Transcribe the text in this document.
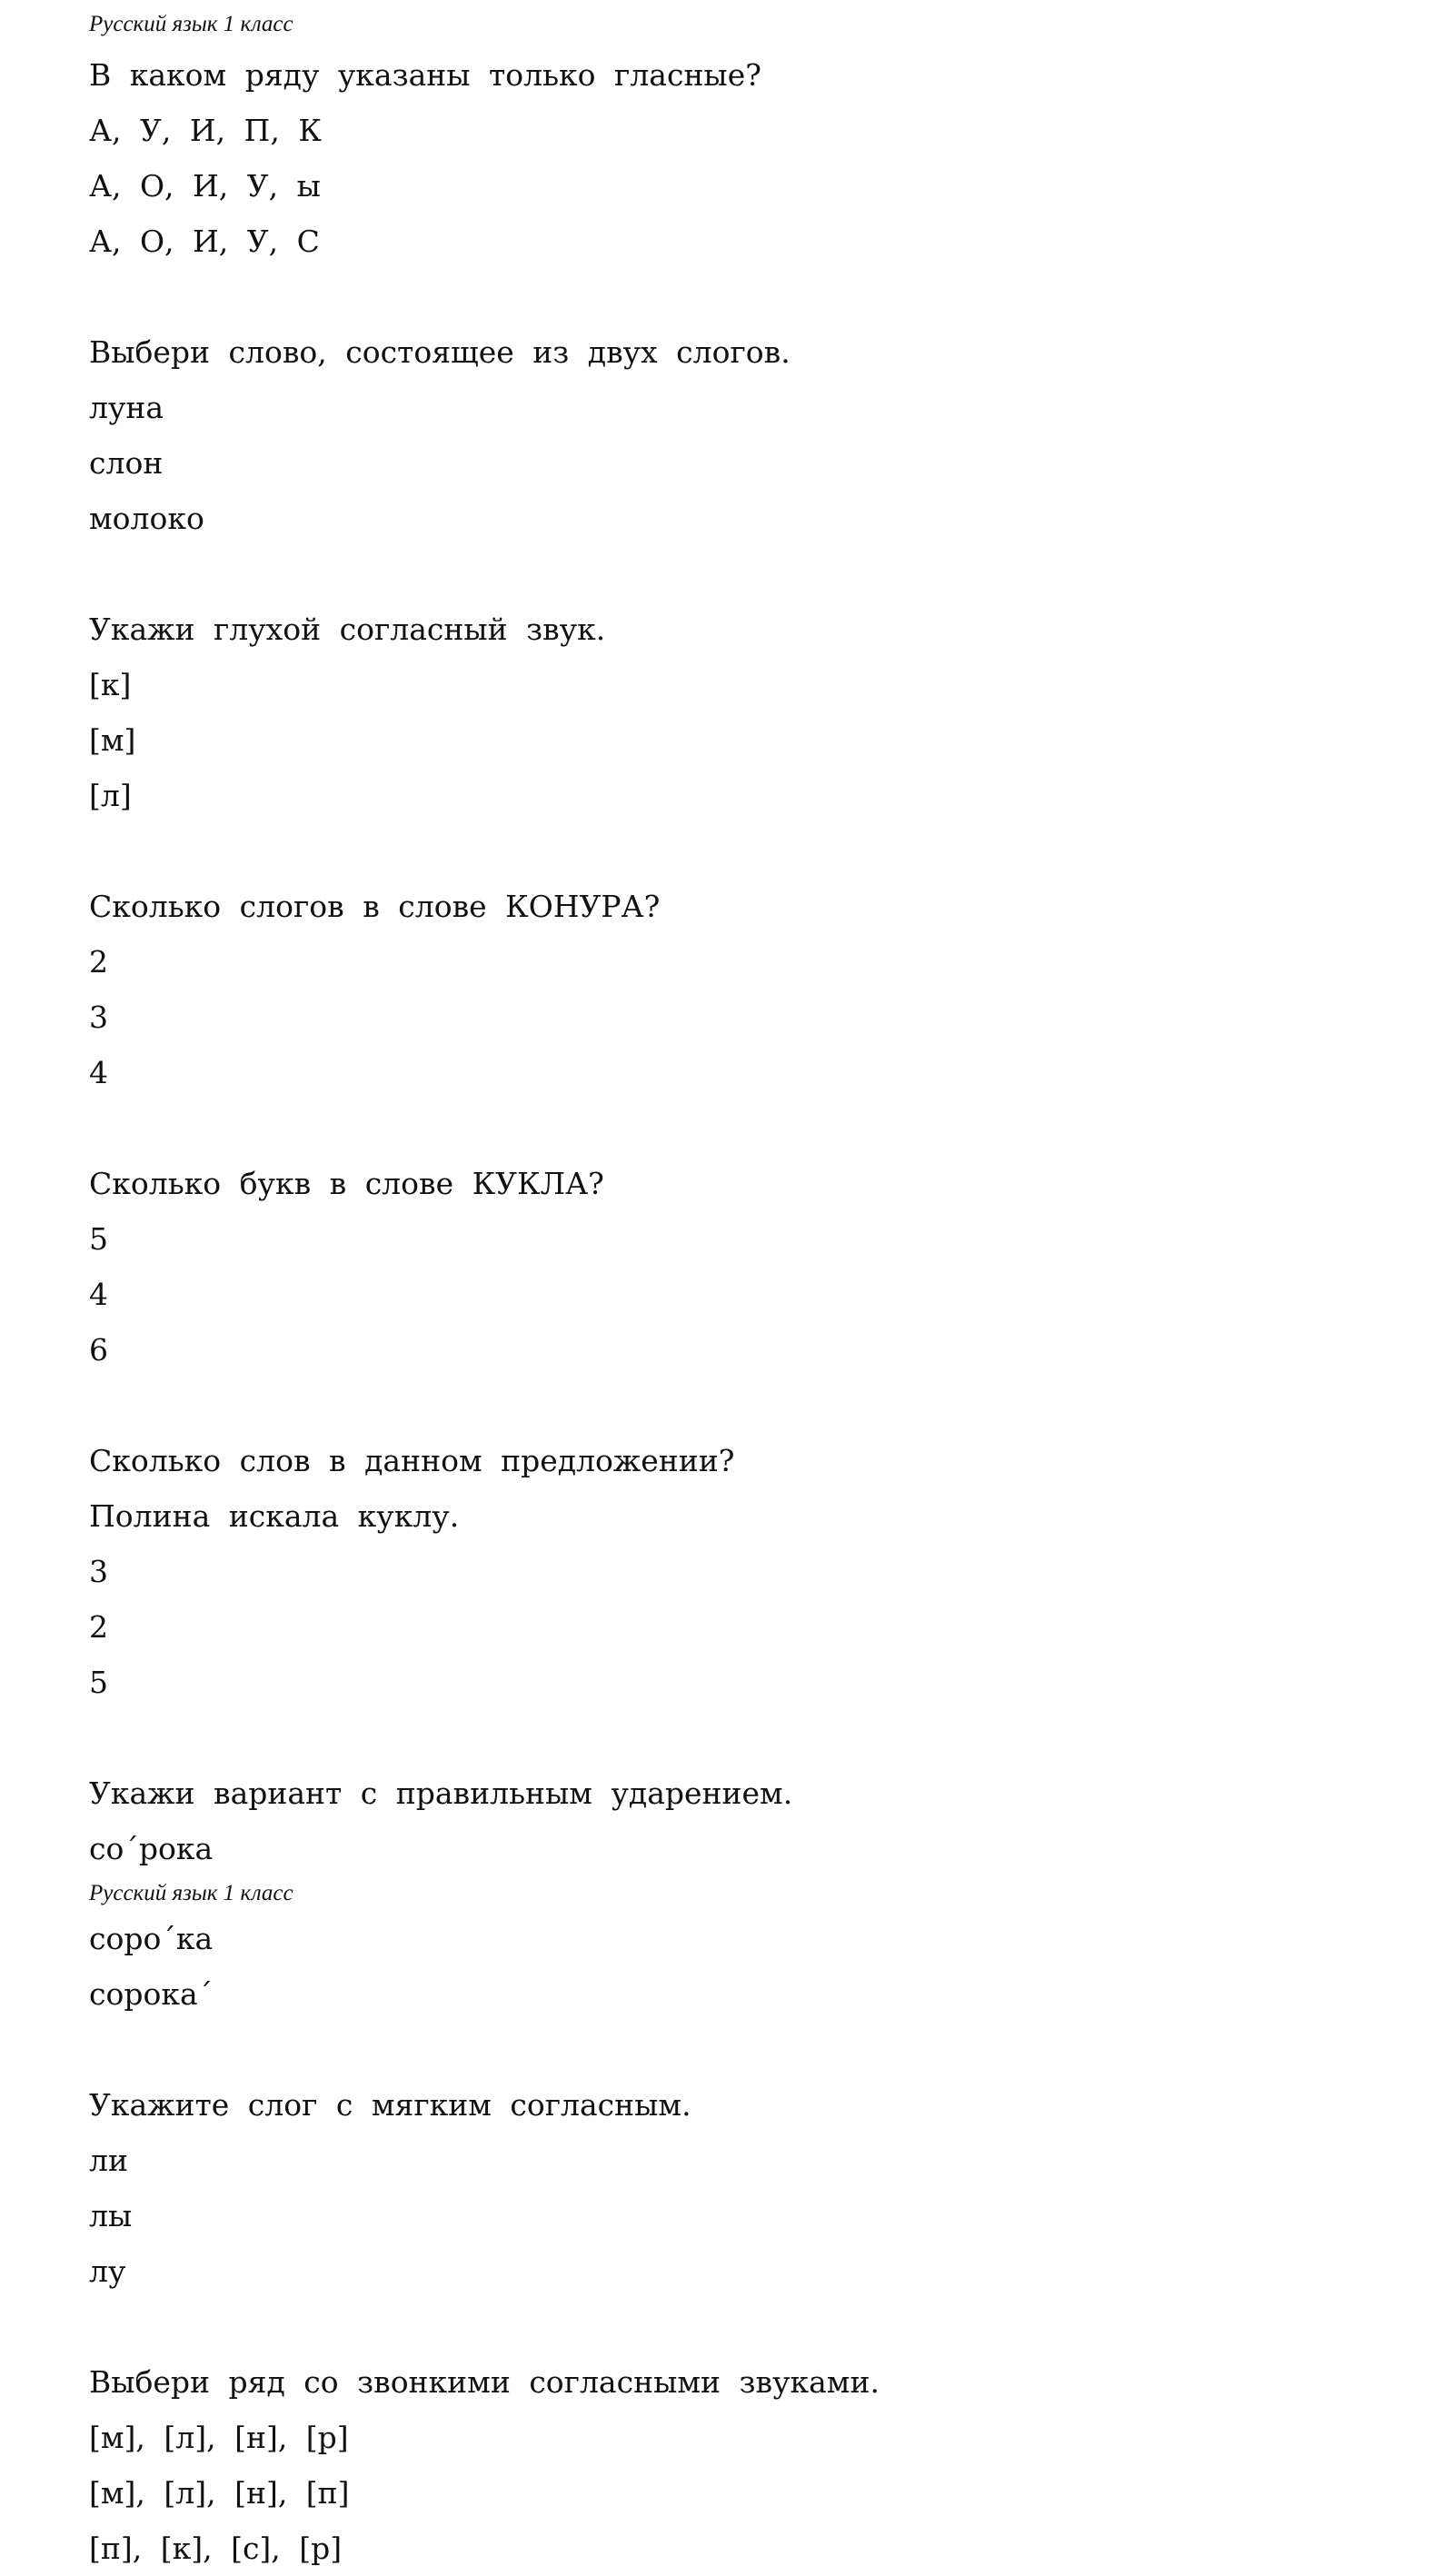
Русский язык 1 класс
В каком ряду указаны только гласные?
А, У, И, П, К
А, О, И, У, ы
А, О, И, У, С
Выбери слово, состоящее из двух слогов.
луна
слон
молоко
Укажи глухой согласный звук.
[к]
[м]
[л]
Сколько слогов в слове КОНУРА?
2
3
4
Сколько букв в слове КУКЛА?
5
4
6
Сколько слов в данном предложении?
Полина искала куклу.
3
2
5
Укажи вариант с правильным ударением.
со´рока
Русский язык 1 класс
соро´ка
сорока´
Укажите слог с мягким согласным.
ли
лы
лу
Выбери ряд со звонкими согласными звуками.
[м], [л], [н], [р]
[м], [л], [н], [п]
[п], [к], [с], [р]
